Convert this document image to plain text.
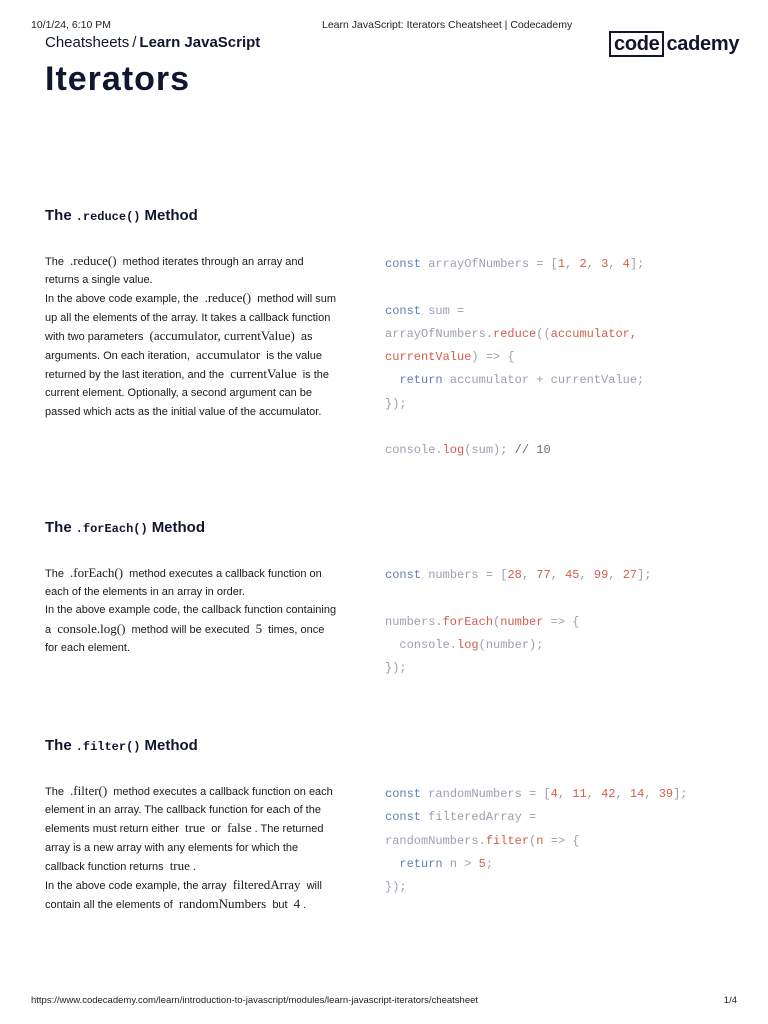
10/1/24, 6:10 PM	Learn JavaScript: Iterators Cheatsheet | Codecademy
https://www.codecademy.com/learn/introduction-to-javascript/modules/learn-javascript-iterators/cheatsheet	1/4
Cheatsheets / Learn JavaScript	code cademy
Iterators
The .reduce() Method

The .reduce() method iterates through an array and returns a single value.

In the above code example, the .reduce() method will sum up all the elements of the array. It takes a callback function with two parameters (accumulator, currentValue) as arguments. On each iteration, accumulator is the value returned by the last iteration, and the currentValue is the current element. Optionally, a second argument can be passed which acts as the initial value of the accumulator.

const arrayOfNumbers = [1, 2, 3, 4];

const sum =
arrayOfNumbers.reduce((accumulator,
currentValue) => {
return accumulator + currentValue;
});

console.log(sum); // 10
The .forEach() Method

The .forEach() method executes a callback function on each of the elements in an array in order.

In the above example code, the callback function containing a console.log() method will be executed 5 times, once for each element.

const numbers = [28, 77, 45, 99, 27];

numbers.forEach(number => {
console.log(number);
});
The .filter() Method

The .filter() method executes a callback function on each element in an array. The callback function for each of the elements must return either true or false . The returned array is a new array with any elements for which the callback function returns true .

In the above code example, the array filteredArray will contain all the elements of randomNumbers but 4 .

const randomNumbers = [4, 11, 42, 14, 39];
const filteredArray =
randomNumbers.filter(n => {
return n > 5;
});
